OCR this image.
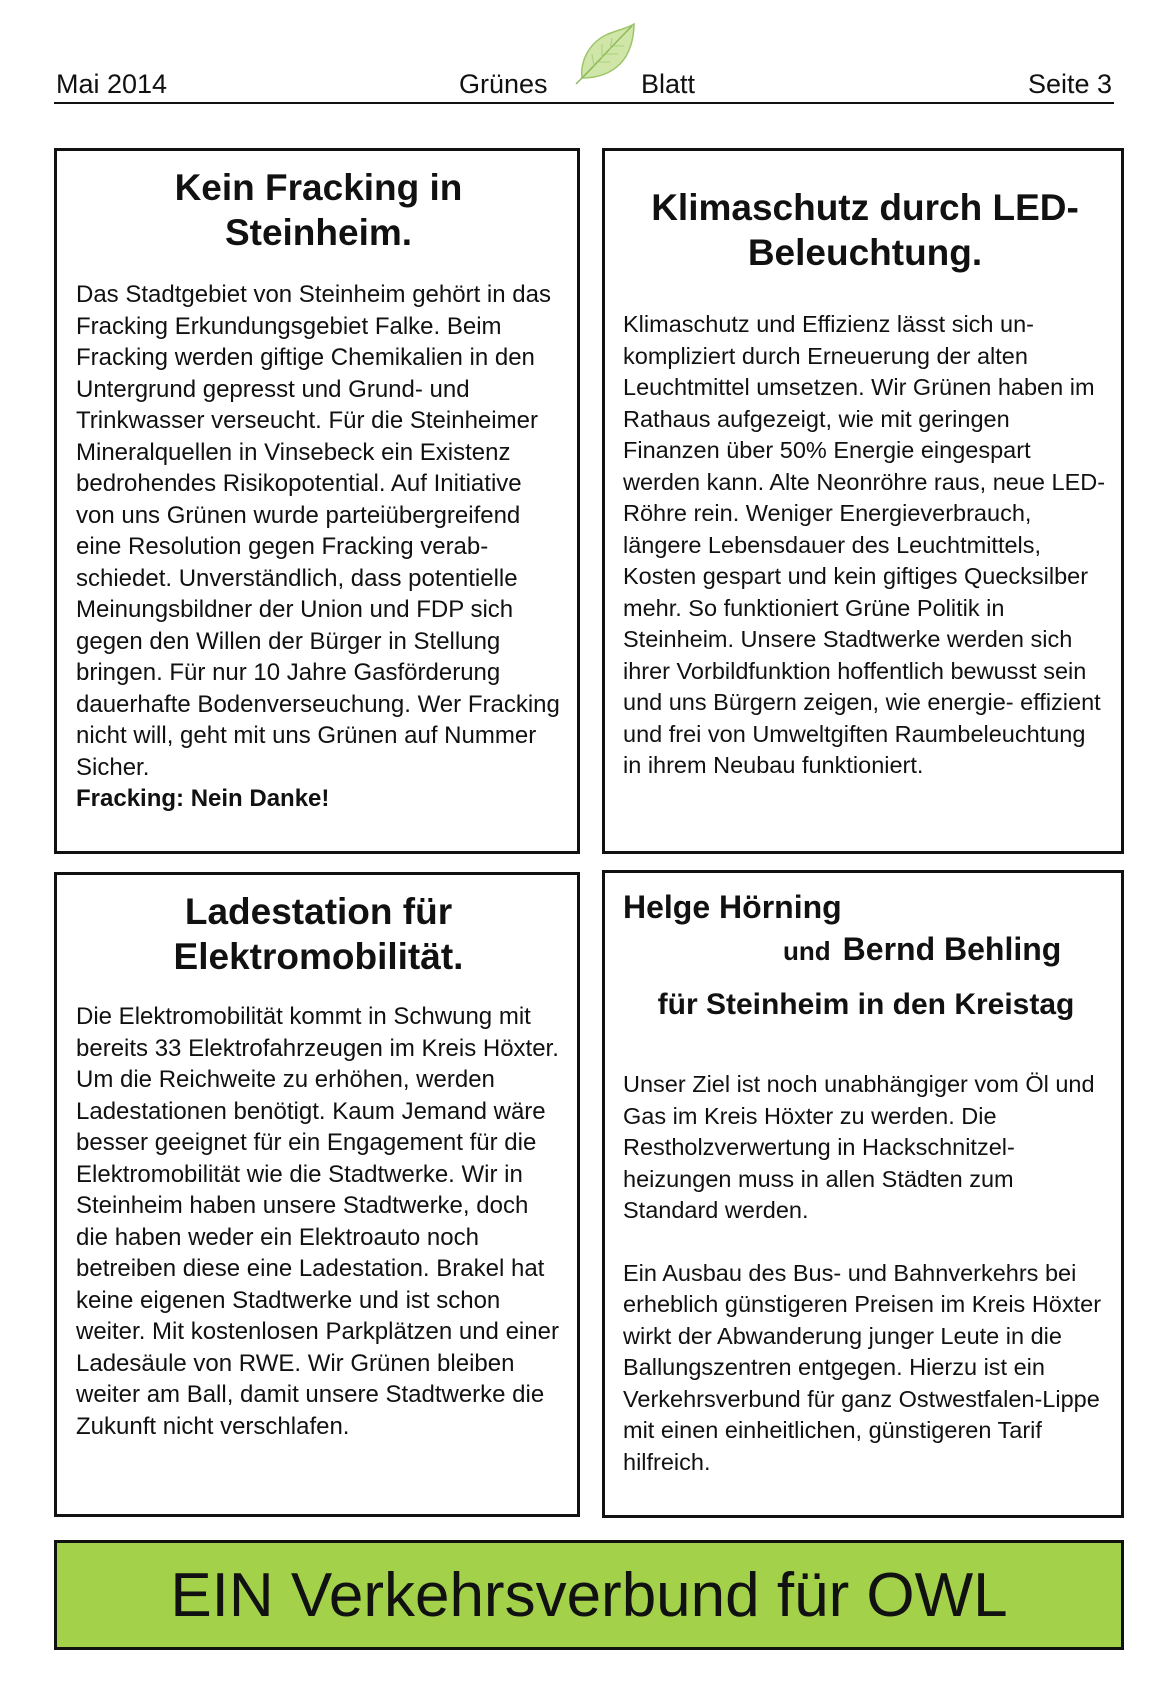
Mai 2014	Grünes	Blatt	Seite 3
Kein Fracking in
Steinheim.

Das Stadtgebiet von Steinheim gehört in das Fracking Erkundungsgebiet Falke. Beim Fracking werden giftige Chemikalien in den Untergrund gepresst und Grund- und Trinkwasser verseucht. Für die Steinheimer Mineralquellen in Vinsebeck ein Existenz bedrohendes Risikopotential. Auf Initiative von uns Grünen wurde parteiübergreifend eine Resolution gegen Fracking verab- schiedet. Unverständlich, dass potentielle Meinungsbildner der Union und FDP sich gegen den Willen der Bürger in Stellung bringen. Für nur 10 Jahre Gasförderung dauerhafte Bodenverseuchung. Wer Fracking nicht will, geht mit uns Grünen auf Nummer Sicher.

Fracking: Nein Danke!
Klimaschutz durch LED-
Beleuchtung.

Klimaschutz und Effizienz lässt sich un- kompliziert durch Erneuerung der alten Leuchtmittel umsetzen. Wir Grünen haben im Rathaus aufgezeigt, wie mit geringen Finanzen über 50% Energie eingespart werden kann. Alte Neonröhre raus, neue LED-Röhre rein. Weniger Energieverbrauch, längere Lebensdauer des Leuchtmittels, Kosten gespart und kein giftiges Quecksilber mehr. So funktioniert Grüne Politik in Steinheim. Unsere Stadtwerke werden sich ihrer Vorbildfunktion hoffentlich bewusst sein und uns Bürgern zeigen, wie energie- effizient und frei von Umweltgiften Raumbeleuchtung in ihrem Neubau funktioniert.

Ladestation für
Elektromobilität.

Die Elektromobilität kommt in Schwung mit bereits 33 Elektrofahrzeugen im Kreis Höxter. Um die Reichweite zu erhöhen, werden Ladestationen benötigt. Kaum Jemand wäre besser geeignet für ein Engagement für die Elektromobilität wie die Stadtwerke. Wir in Steinheim haben unsere Stadtwerke, doch die haben weder ein Elektroauto noch betreiben diese eine Ladestation. Brakel hat keine eigenen Stadtwerke und ist schon weiter. Mit kostenlosen Parkplätzen und einer Ladesäule von RWE. Wir Grünen bleiben weiter am Ball, damit unsere Stadtwerke die Zukunft nicht verschlafen.

Helge Hörning
und Bernd Behling
für Steinheim in den Kreistag

Unser Ziel ist noch unabhängiger vom Öl und Gas im Kreis Höxter zu werden. Die Restholzverwertung in Hackschnitzel- heizungen muss in allen Städten zum Standard werden.

Ein Ausbau des Bus- und Bahnverkehrs bei erheblich günstigeren Preisen im Kreis Höxter wirkt der Abwanderung junger Leute in die Ballungszentren entgegen. Hierzu ist ein Verkehrsverbund für ganz Ostwestfalen-Lippe mit einen einheitlichen, günstigeren Tarif hilfreich.

EIN Verkehrsverbund für OWL
